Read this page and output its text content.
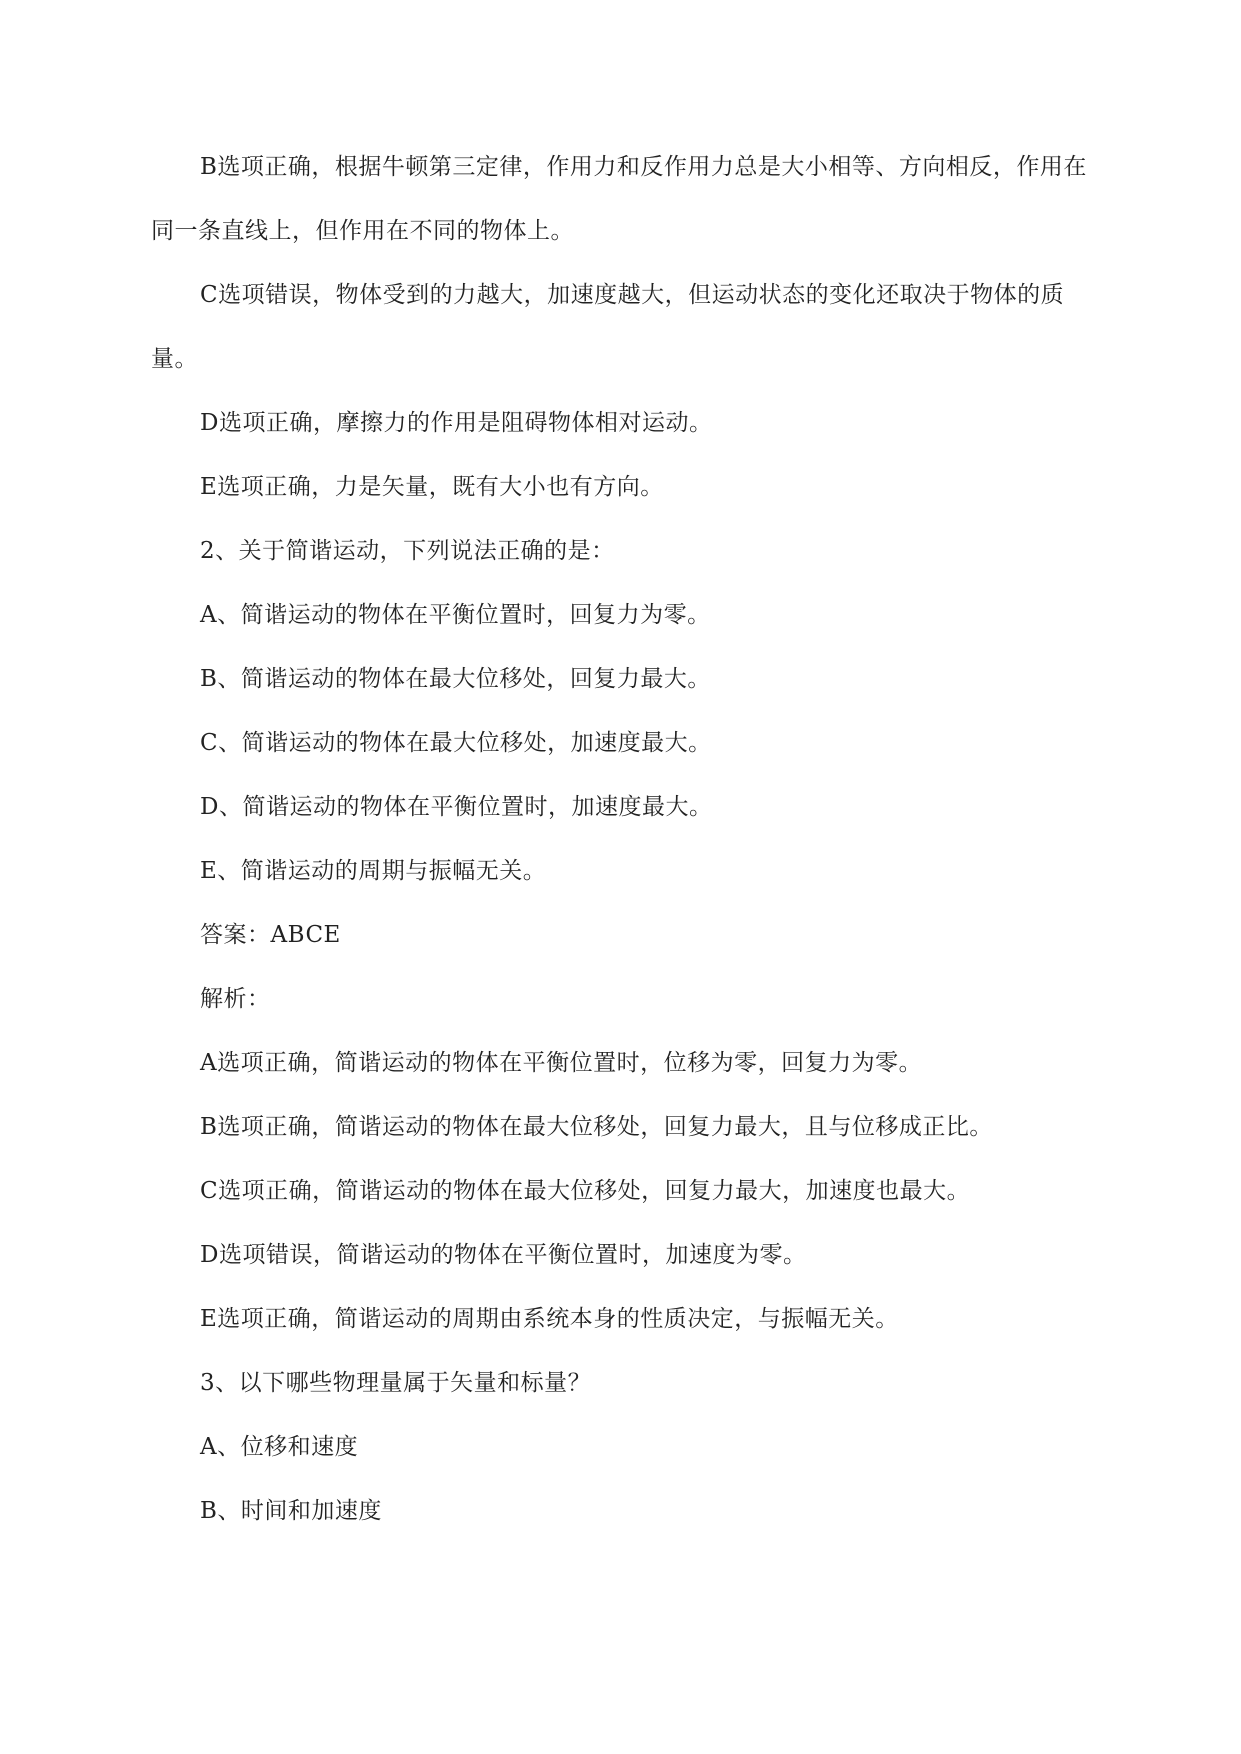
B选项正确，根据牛顿第三定律，作用力和反作用力总是大小相等、方向相反，作用在同一条直线上，但作用在不同的物体上。

C选项错误，物体受到的力越大，加速度越大，但运动状态的变化还取决于物体的质量。

D选项正确，摩擦力的作用是阻碍物体相对运动。

E选项正确，力是矢量，既有大小也有方向。

2、关于简谐运动，下列说法正确的是：

A、简谐运动的物体在平衡位置时，回复力为零。

B、简谐运动的物体在最大位移处，回复力最大。

C、简谐运动的物体在最大位移处，加速度最大。

D、简谐运动的物体在平衡位置时，加速度最大。

E、简谐运动的周期与振幅无关。

答案：ABCE

解析：

A选项正确，简谐运动的物体在平衡位置时，位移为零，回复力为零。

B选项正确，简谐运动的物体在最大位移处，回复力最大，且与位移成正比。

C选项正确，简谐运动的物体在最大位移处，回复力最大，加速度也最大。

D选项错误，简谐运动的物体在平衡位置时，加速度为零。

E选项正确，简谐运动的周期由系统本身的性质决定，与振幅无关。

3、以下哪些物理量属于矢量和标量？

A、位移和速度

B、时间和加速度
